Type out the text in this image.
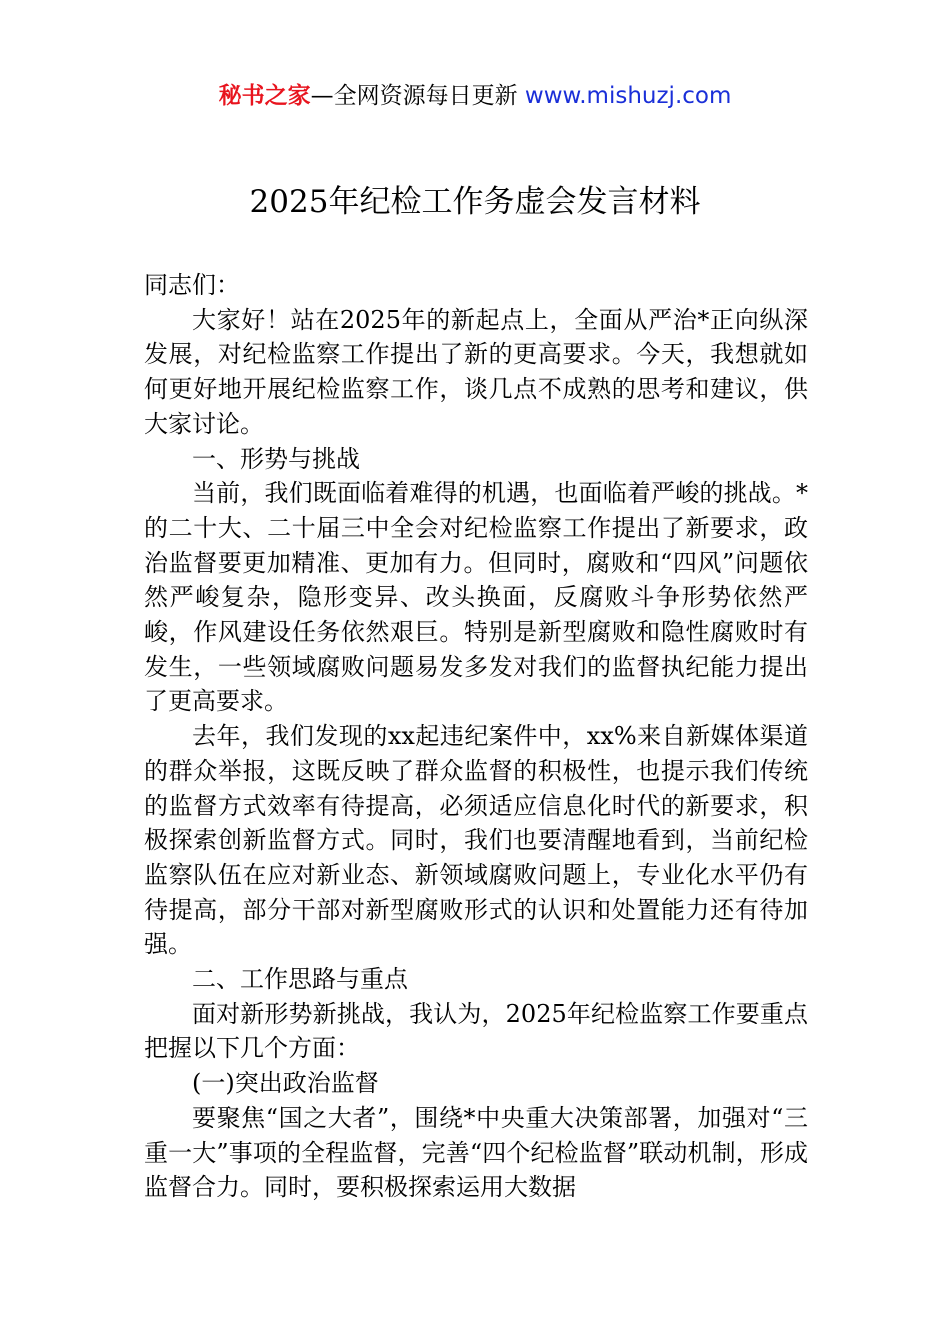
秘书之家—全网资源每日更新 www.mishuzj.com
2025年纪检工作务虚会发言材料

同志们：

大家好！站在2025年的新起点上，全面从严治*正向纵深发展，对纪检监察工作提出了新的更高要求。今天，我想就如何更好地开展纪检监察工作，谈几点不成熟的思考和建议，供大家讨论。

一、形势与挑战

当前，我们既面临着难得的机遇，也面临着严峻的挑战。*的二十大、二十届三中全会对纪检监察工作提出了新要求，政治监督要更加精准、更加有力。但同时，腐败和“四风”问题依然严峻复杂，隐形变异、改头换面，反腐败斗争形势依然严峻，作风建设任务依然艰巨。特别是新型腐败和隐性腐败时有发生，一些领域腐败问题易发多发对我们的监督执纪能力提出了更高要求。

去年，我们发现的xx起违纪案件中，xx%来自新媒体渠道的群众举报，这既反映了群众监督的积极性，也提示我们传统的监督方式效率有待提高，必须适应信息化时代的新要求，积极探索创新监督方式。同时，我们也要清醒地看到，当前纪检监察队伍在应对新业态、新领域腐败问题上，专业化水平仍有待提高，部分干部对新型腐败形式的认识和处置能力还有待加强。

二、工作思路与重点

面对新形势新挑战，我认为，2025年纪检监察工作要重点把握以下几个方面：

(一)突出政治监督

要聚焦“国之大者”，围绕*中央重大决策部署，加强对“三重一大”事项的全程监督，完善“四个纪检监督”联动机制，形成监督合力。同时，要积极探索运用大数据
